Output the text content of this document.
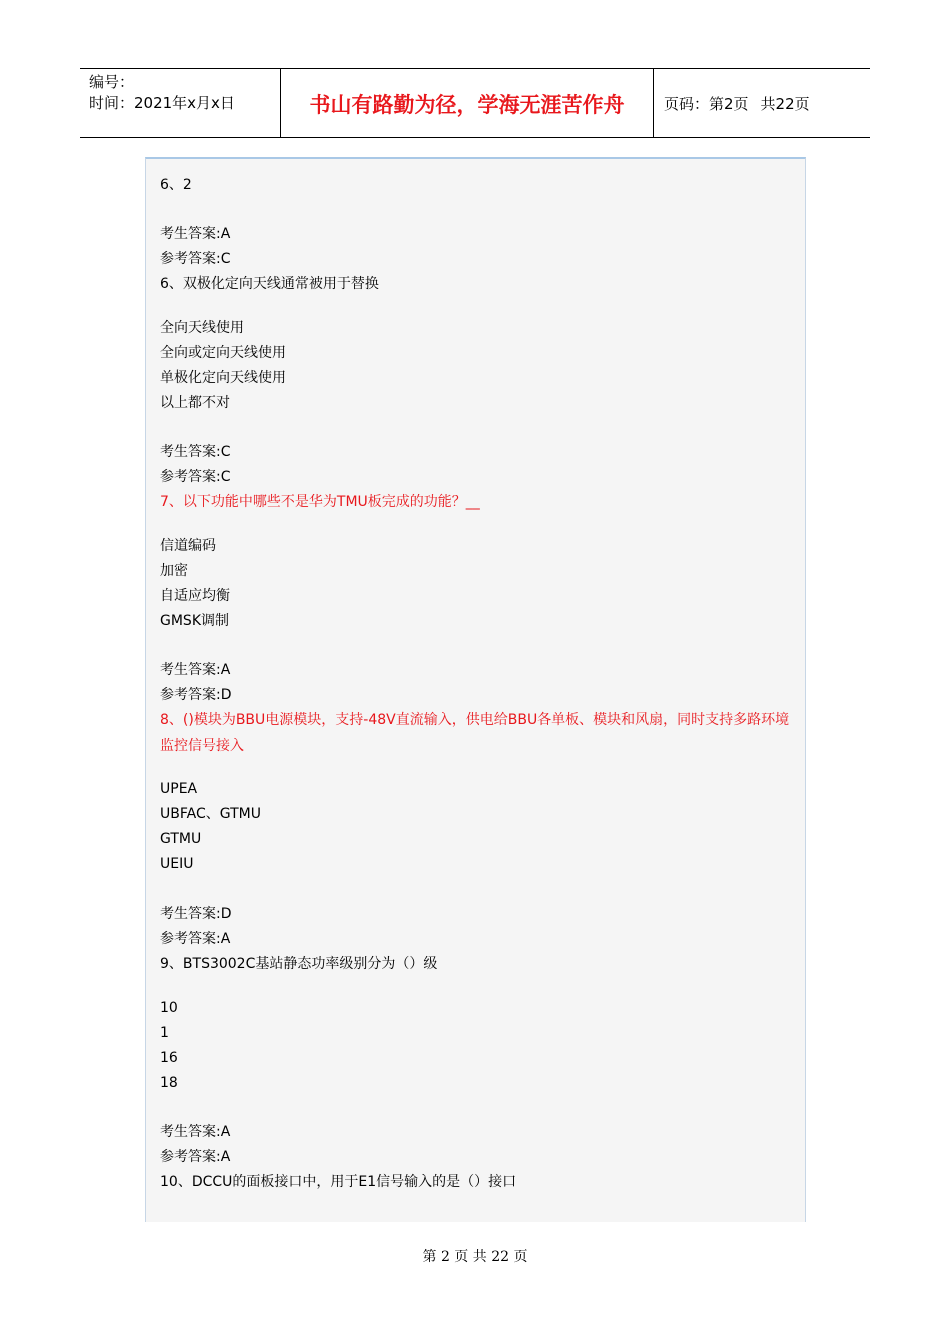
编号：
时间：2021年x月x日	书山有路勤为径，学海无涯苦作舟	页码：第2页 共22页
6、2
考生答案:A
参考答案:C
6、双极化定向天线通常被用于替换
全向天线使用
全向或定向天线使用
单极化定向天线使用
以上都不对
考生答案:C
参考答案:C
7、以下功能中哪些不是华为TMU板完成的功能？__
信道编码
加密
自适应均衡
GMSK调制
考生答案:A
参考答案:D
8、()模块为BBU电源模块，支持-48V直流输入，供电给BBU各单板、模块和风扇，同时支持多路环境监控信号接入
UPEA
UBFAC、GTMU
GTMU
UEIU
考生答案:D
参考答案:A
9、BTS3002C基站静态功率级别分为（）级
10
1
16
18
考生答案:A
参考答案:A
10、DCCU的面板接口中，用于E1信号输入的是（）接口
第 2 页 共 22 页
